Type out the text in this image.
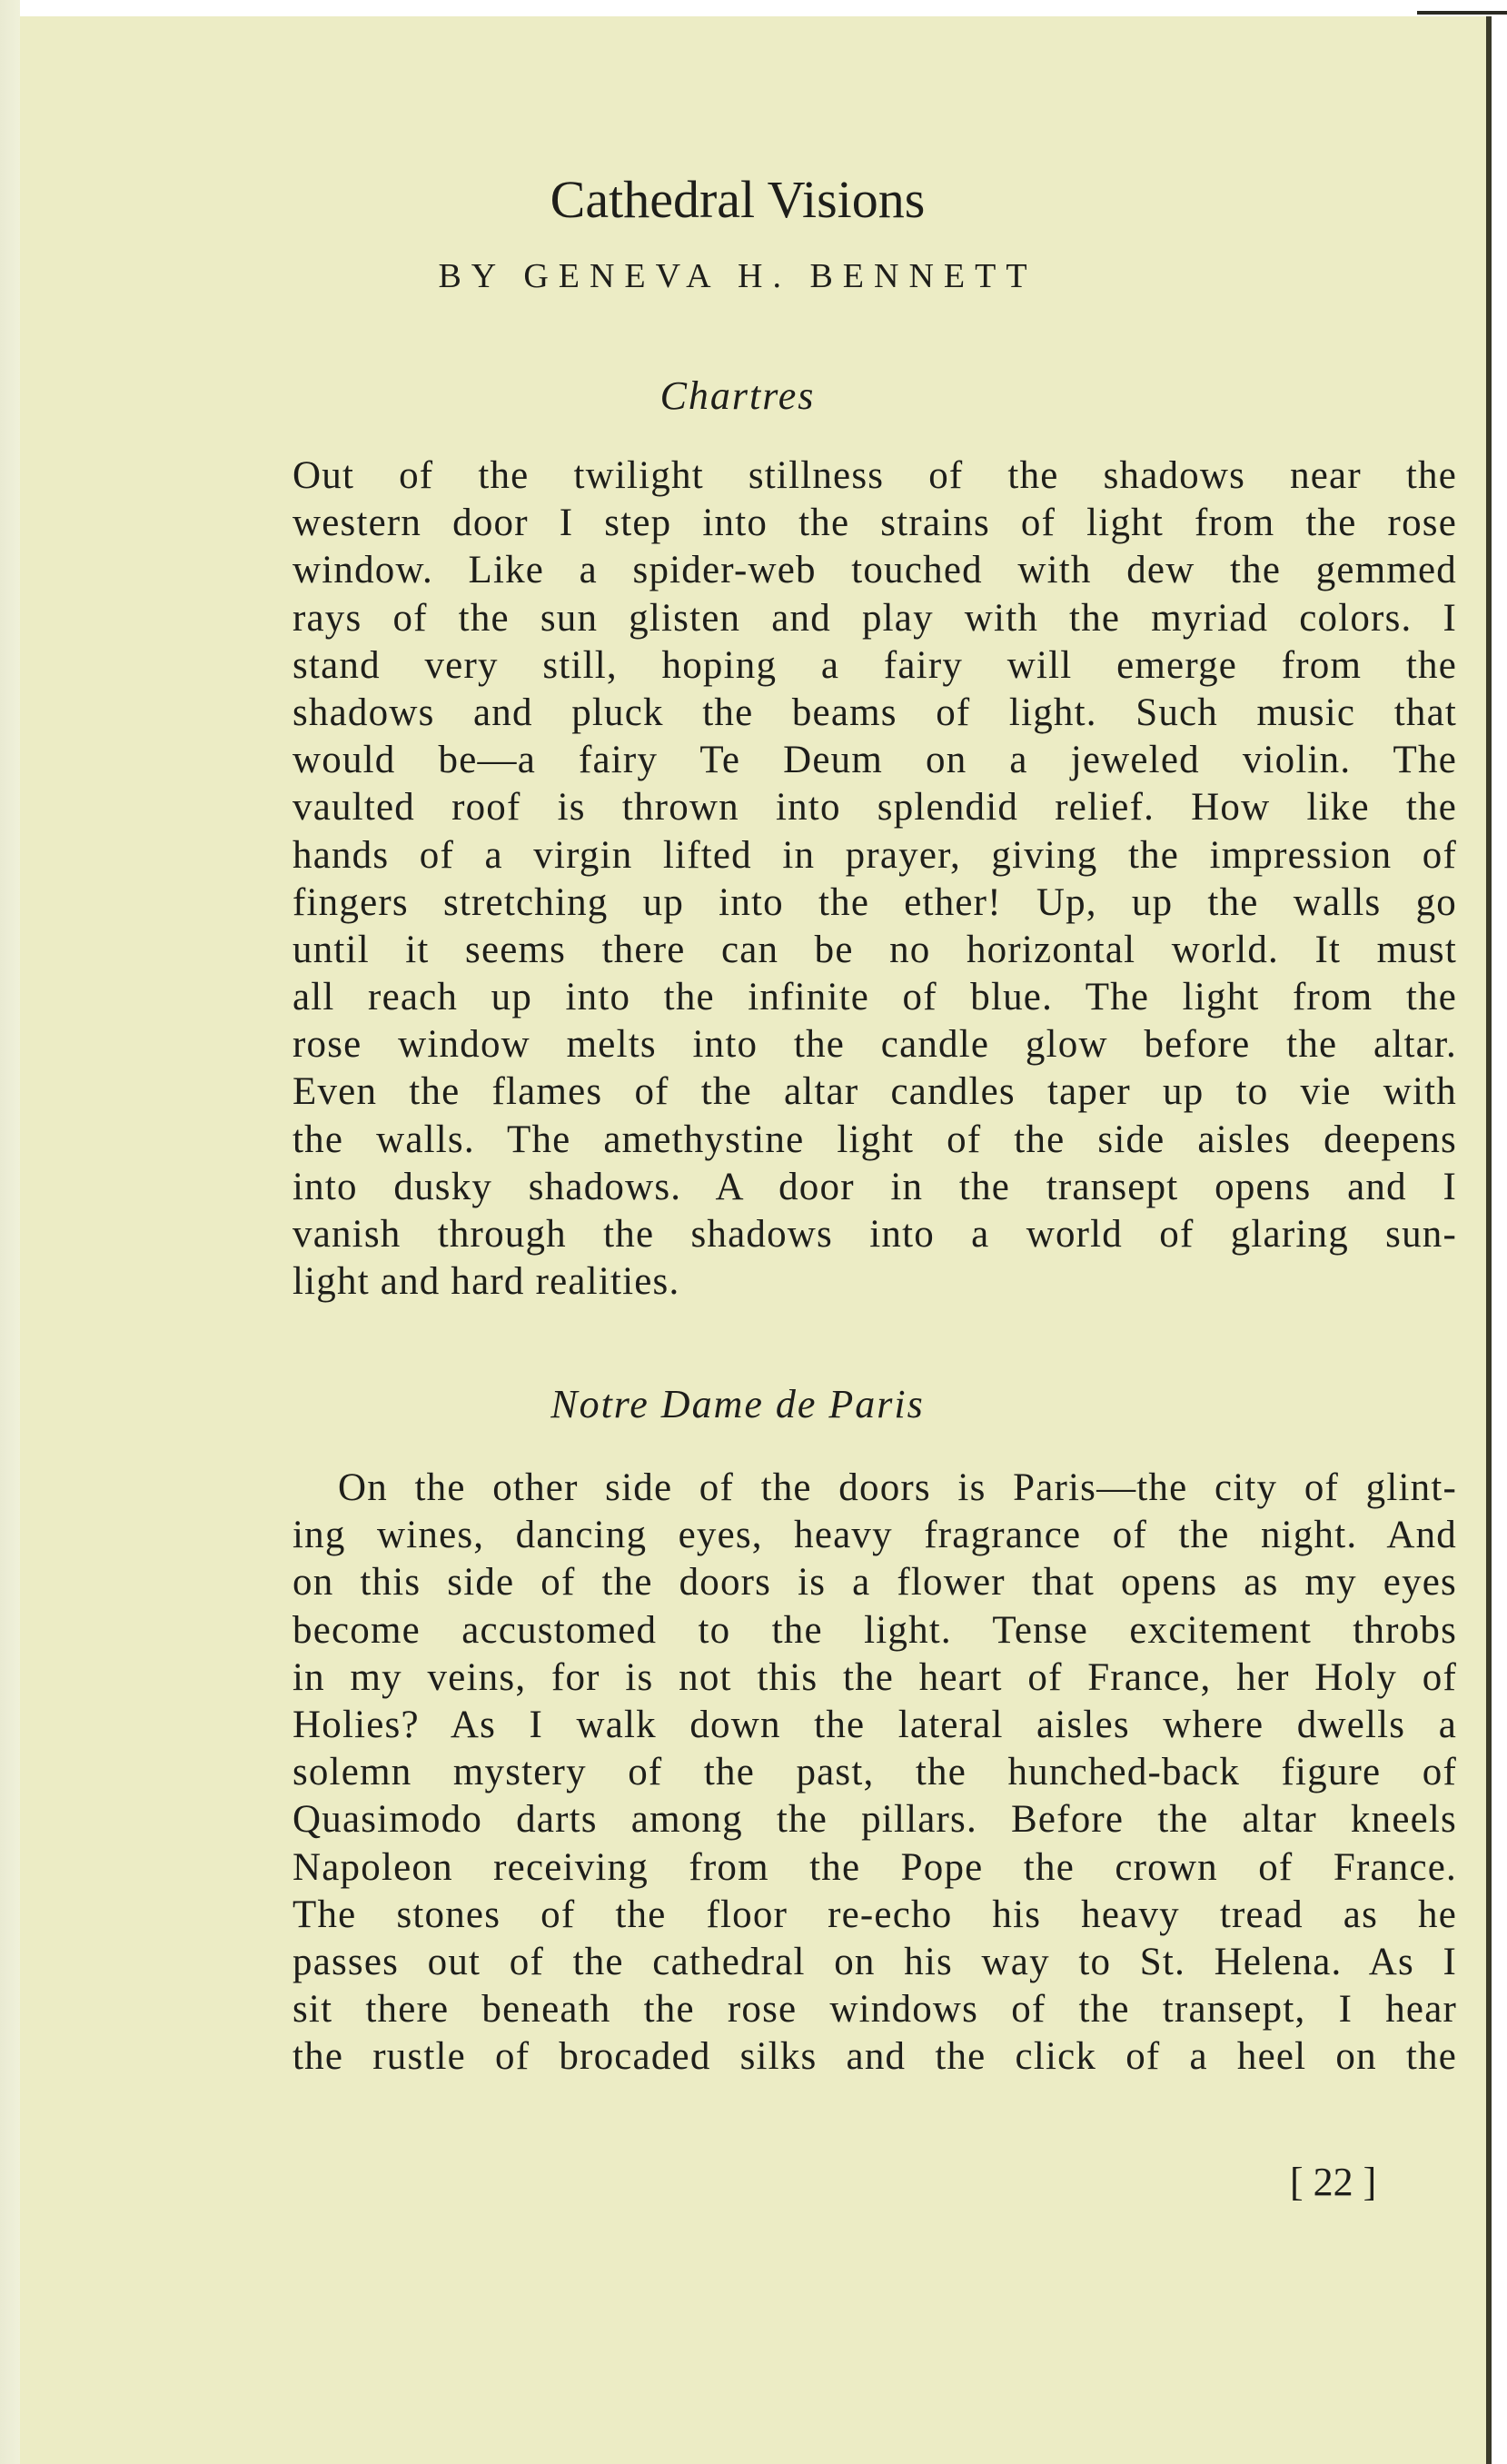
Cathedral Visions
BY GENEVA H. BENNETT
Chartres
Out of the twilight stillness of the shadows near the
western door I step into the strains of light from the rose
window. Like a spider-web touched with dew the gemmed
rays of the sun glisten and play with the myriad colors. I
stand very still, hoping a fairy will emerge from the
shadows and pluck the beams of light. Such music that
would be—a fairy Te Deum on a jeweled violin. The
vaulted roof is thrown into splendid relief. How like the
hands of a virgin lifted in prayer, giving the impression of
fingers stretching up into the ether! Up, up the walls go
until it seems there can be no horizontal world. It must
all reach up into the infinite of blue. The light from the
rose window melts into the candle glow before the altar.
Even the flames of the altar candles taper up to vie with
the walls. The amethystine light of the side aisles deepens
into dusky shadows. A door in the transept opens and I
vanish through the shadows into a world of glaring sun-
light and hard realities.
Notre Dame de Paris
On the other side of the doors is Paris—the city of glint-
ing wines, dancing eyes, heavy fragrance of the night. And
on this side of the doors is a flower that opens as my eyes
become accustomed to the light. Tense excitement throbs
in my veins, for is not this the heart of France, her Holy of
Holies? As I walk down the lateral aisles where dwells a
solemn mystery of the past, the hunched-back figure of
Quasimodo darts among the pillars. Before the altar kneels
Napoleon receiving from the Pope the crown of France.
The stones of the floor re-echo his heavy tread as he
passes out of the cathedral on his way to St. Helena. As I
sit there beneath the rose windows of the transept, I hear
the rustle of brocaded silks and the click of a heel on the
[ 22 ]
